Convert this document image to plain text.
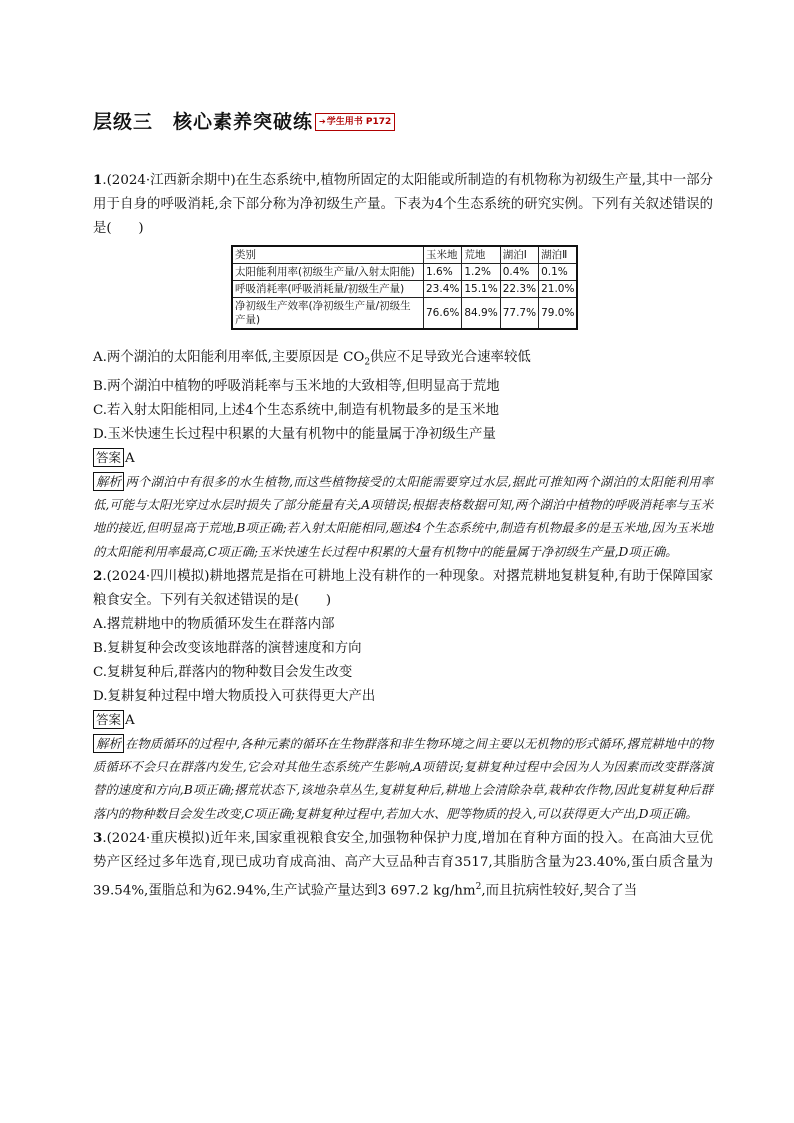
层级三　核心素养突破练 ➔学生用书 P172

1.(2024·江西新余期中)在生态系统中,植物所固定的太阳能或所制造的有机物称为初级生产量,其中一部分用于自身的呼吸消耗,余下部分称为净初级生产量。下表为4个生态系统的研究实例。下列有关叙述错误的是(　　)

类别	玉米地	荒地	湖泊Ⅰ	湖泊Ⅱ
太阳能利用率(初级生产量/入射太阳能)	1.6%	1.2%	0.4%	0.1%
呼吸消耗率(呼吸消耗量/初级生产量)	23.4%	15.1%	22.3%	21.0%
净初级生产效率(净初级生产量/初级生产量)	76.6%	84.9%	77.7%	79.0%

A.两个湖泊的太阳能利用率低,主要原因是 $CO_2$供应不足导致光合速率较低

B.两个湖泊中植物的呼吸消耗率与玉米地的大致相等,但明显高于荒地

C.若入射太阳能相同,上述4个生态系统中,制造有机物最多的是玉米地

D.玉米快速生长过程中积累的大量有机物中的能量属于净初级生产量

答案 A

解析 两个湖泊中有很多的水生植物,而这些植物接受的太阳能需要穿过水层,据此可推知两个湖泊的太阳能利用率低,可能与太阳光穿过水层时损失了部分能量有关,A项错误;根据表格数据可知,两个湖泊中植物的呼吸消耗率与玉米地的接近,但明显高于荒地,B项正确;若入射太阳能相同,题述4个生态系统中,制造有机物最多的是玉米地,因为玉米地的太阳能利用率最高,C项正确;玉米快速生长过程中积累的大量有机物中的能量属于净初级生产量,D项正确。

2.(2024·四川模拟)耕地撂荒是指在可耕地上没有耕作的一种现象。对撂荒耕地复耕复种,有助于保障国家粮食安全。下列有关叙述错误的是(　　)

A.撂荒耕地中的物质循环发生在群落内部

B.复耕复种会改变该地群落的演替速度和方向

C.复耕复种后,群落内的物种数目会发生改变

D.复耕复种过程中增大物质投入可获得更大产出

答案 A

解析 在物质循环的过程中,各种元素的循环在生物群落和非生物环境之间主要以无机物的形式循环,撂荒耕地中的物质循环不会只在群落内发生,它会对其他生态系统产生影响,A项错误;复耕复种过程中会因为人为因素而改变群落演替的速度和方向,B项正确;撂荒状态下,该地杂草丛生,复耕复种后,耕地上会清除杂草,栽种农作物,因此复耕复种后群落内的物种数目会发生改变,C项正确;复耕复种过程中,若加大水、肥等物质的投入,可以获得更大产出,D项正确。

3.(2024·重庆模拟)近年来,国家重视粮食安全,加强物种保护力度,增加在育种方面的投入。在高油大豆优势产区经过多年选育,现已成功育成高油、高产大豆品种吉育3517,其脂肪含量为23.40%,蛋白质含量为39.54%,蛋脂总和为62.94%,生产试验产量达到3 697.2 $kg/hm^2$,而且抗病性较好,契合了当
